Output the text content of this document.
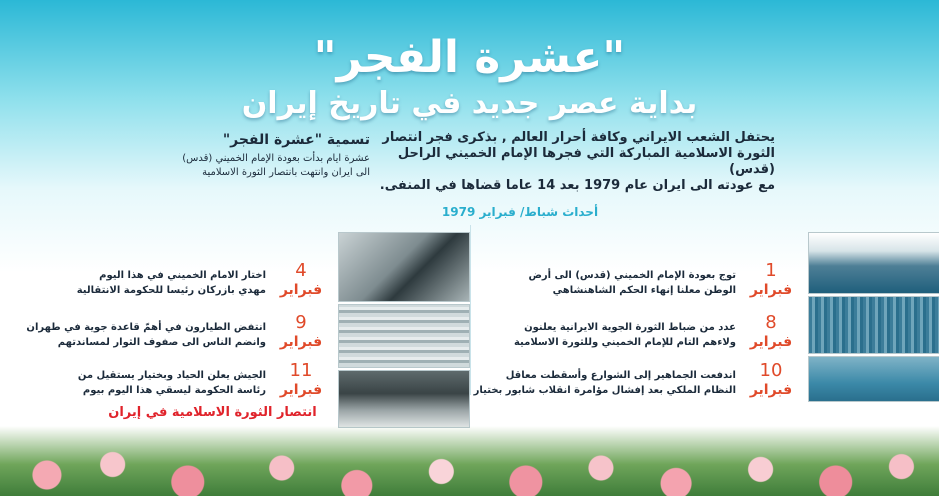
"عشرة الفجر"
بداية عصر جديد في تاريخ إيران
يحتفل الشعب الايراني وكافة أحرار العالم , بذكرى فجر انتصار
الثورة الاسلامية المباركة التي فجرها الإمام الخميني الراحل (قدس)
مع عودته الى ايران عام 1979 بعد 14 عاما قضاها في المنفى.
تسمية "عشرة الفجر"
عشرة ايام بدأت بعودة الإمام الخميني (قدس)
الى ايران وانتهت بانتصار الثورة الاسلامية
أحداث شباط/ فبراير 1979
1
فبراير
توج بعودة الإمام الخميني (قدس) الى أرض
الوطن معلنا إنهاء الحكم الشاهنشاهي
8
فبراير
عدد من ضباط الثورة الجوية الايرانية يعلنون
ولاءهم التام للإمام الخميني وللثورة الاسلامية
10
فبراير
اندفعت الجماهير إلى الشوارع وأسقطت معاقل
النظام الملكي بعد إفشال مؤامرة انقلاب شابور بختيار
4
فبراير
اختار الامام الخميني في هذا اليوم
مهدي بازركان رئيسا للحكومة الانتقالية
9
فبراير
انتفض الطيارون في أهمّ قاعدة جوية في طهران
وانضم الناس الى صفوف الثوار لمساندتهم
11
فبراير
الجيش يعلن الحياد وبختيار يستقيل من
رئاسة الحكومة ليسقي هذا اليوم بيوم
انتصار الثورة الاسلامية في إيران
